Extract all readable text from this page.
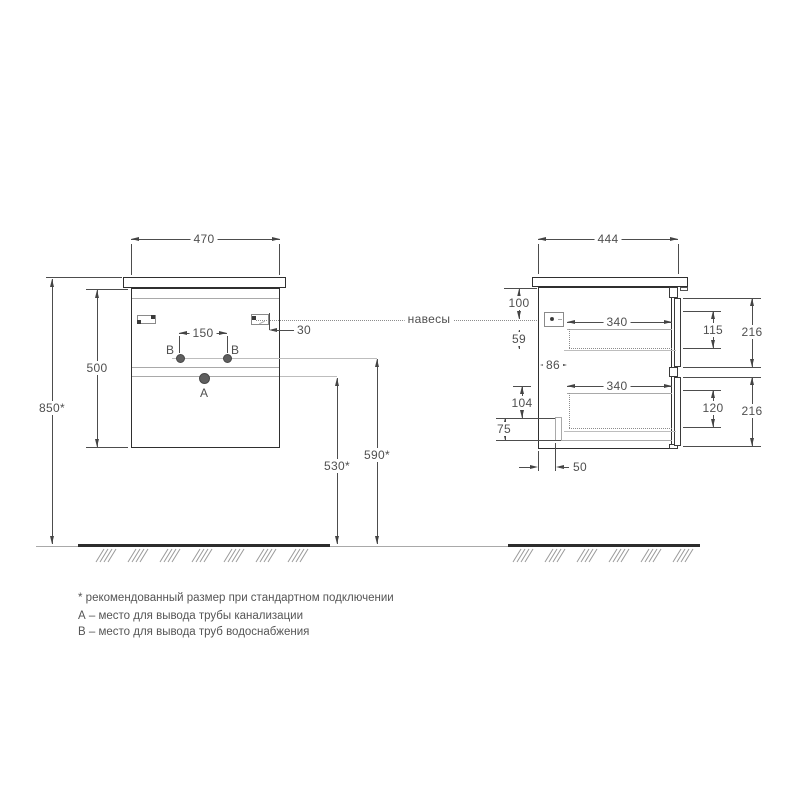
470
30
150
B	B
A
500
850*
530*
590*
навесы
444
100
59
86
340
340
104
75
50
115
120
216
216
* рекомендованный размер при стандартном подключении
А – место для вывода трубы канализации
В – место для вывода труб водоснабжения
